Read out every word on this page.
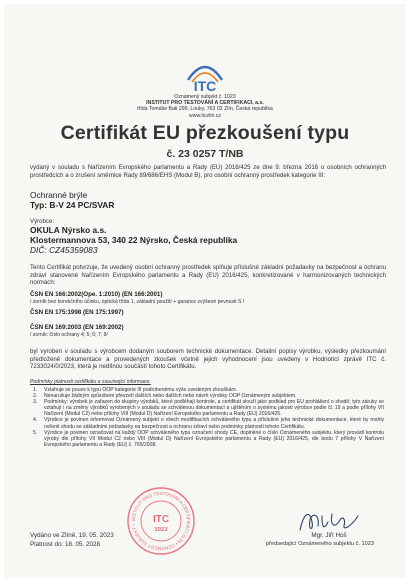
ITC
Oznámený subjekt č. 1023
INSTITUT PRO TESTOVÁNÍ A CERTIFIKACI, a.s.
třída Tomáše Bati 299, Louky, 763 02 Zlín, Česká republika
www.itczlin.cz
Certifikát EU přezkoušení typu
č. 23 0257 T/NB
vydaný v souladu s Nařízením Evropského parlamentu a Rady (EU) 2016/425 ze dne 9. března 2016 o osobních ochranných prostředcích a o zrušení směrnice Rady 89/686/EHS (Modul B), pro osobní ochranný prostředek kategorie III:
Ochranné brýle
Typ: B-V 24 PC/SVAR
Výrobce:
OKULA Nýrsko a.s.
Klostermannova 53, 340 22 Nýrsko, Česká republika
DIČ: CZ45359083
Tento Certifikát potvrzuje, že uvedený osobní ochranný prostředek splňuje příslušné základní požadavky na bezpečnost a ochranu zdraví stanovené Nařízením Evropského parlamentu a Rady (EU) 2016/425, konkretizované v harmonizovaných technických normách:
ČSN EN 166:2002(Ope. 1:2010) (EN 166:2001)
/ zorník bez korekčního účinku, optická třída 1, základní použití + garance zvýšené pevnosti S /
ČSN EN 175:1998 (EN 175:1997)
ČSN EN 169:2003 (EN 169:2002)
/ zorník: číslo ochrany 4; 5; 6; 7; 8/
byl vyroben v souladu s výrobcem dodaným souborem technické dokumentace. Detailní popisy výrobku, výsledky přezkoumání předložené dokumentace a provedených zkoušek včetně jejich vyhodnocení jsou uvedeny v Hodnotící zprávě ITC č. 7233024/0/2023, která je nedílnou součástí tohoto Certifikátu.
Podmínky platnosti certifikátu a souvisejicí informace:
1. Vztahuje se pouze k typu OOP kategorie III podrobenému výše uvedeným zkouškám.
2. Nenarušuje žádným způsobem převzetí dalších nebo dalších nebo návrh výrobky OOP Oznámeným subjektem.
3. Podmínky: výrobek je zařazen do skupiny výrobků, které podléhají kontrole, a certifikát slouží jako podklad pro EU prohlášení o shodě; tyto záruky se vztahují i na změny výrobků vyrobených v souladu se schválenou dokumentací a ujištěním o systému jakosti výrobce podle čl. 19 a podle přílohy VII Nařízení (Modul C2) nebo přílohy VIII (Modul D) Nařízení Evropského parlamentu a Rady (EU) 2016/425.
4. Výrobce je povinen informovat Oznámený subjekt o všech modifikacích schváleného typu a příslušné jeho technické dokumentace, které by mohly ovlivnit shodu se základními požadavky na bezpečnost a ochranu zdraví nebo podmínky platnosti tohoto Certifikátu.
5. Výrobce je povinen označovat na každý OOP schváleného typu označení shody CE, doplněné o číslo Oznámeného subjektu, který provádí kontrolu výroby dle přílohy VII Modul C2 nebo VIII (Modul D) Nařízení Evropského parlamentu a Rady (EU) 2016/425, dle bodu 7 přílohy V Nařízení Evropského parlamentu a Rady (EU) č. 765/2008.
INSTITUT PRO TESTOVÁNÍ A CERTIFIKACI ZLÍN • OZNÁMENÝ SUBJEKT •	ITC
1023
Vydáno ve Zlíně, 19. 05. 2023
Platnost do: 18. 05. 2028
Mgr. Jiří Hoš
předsedající Oznámeného subjektu č. 1023
